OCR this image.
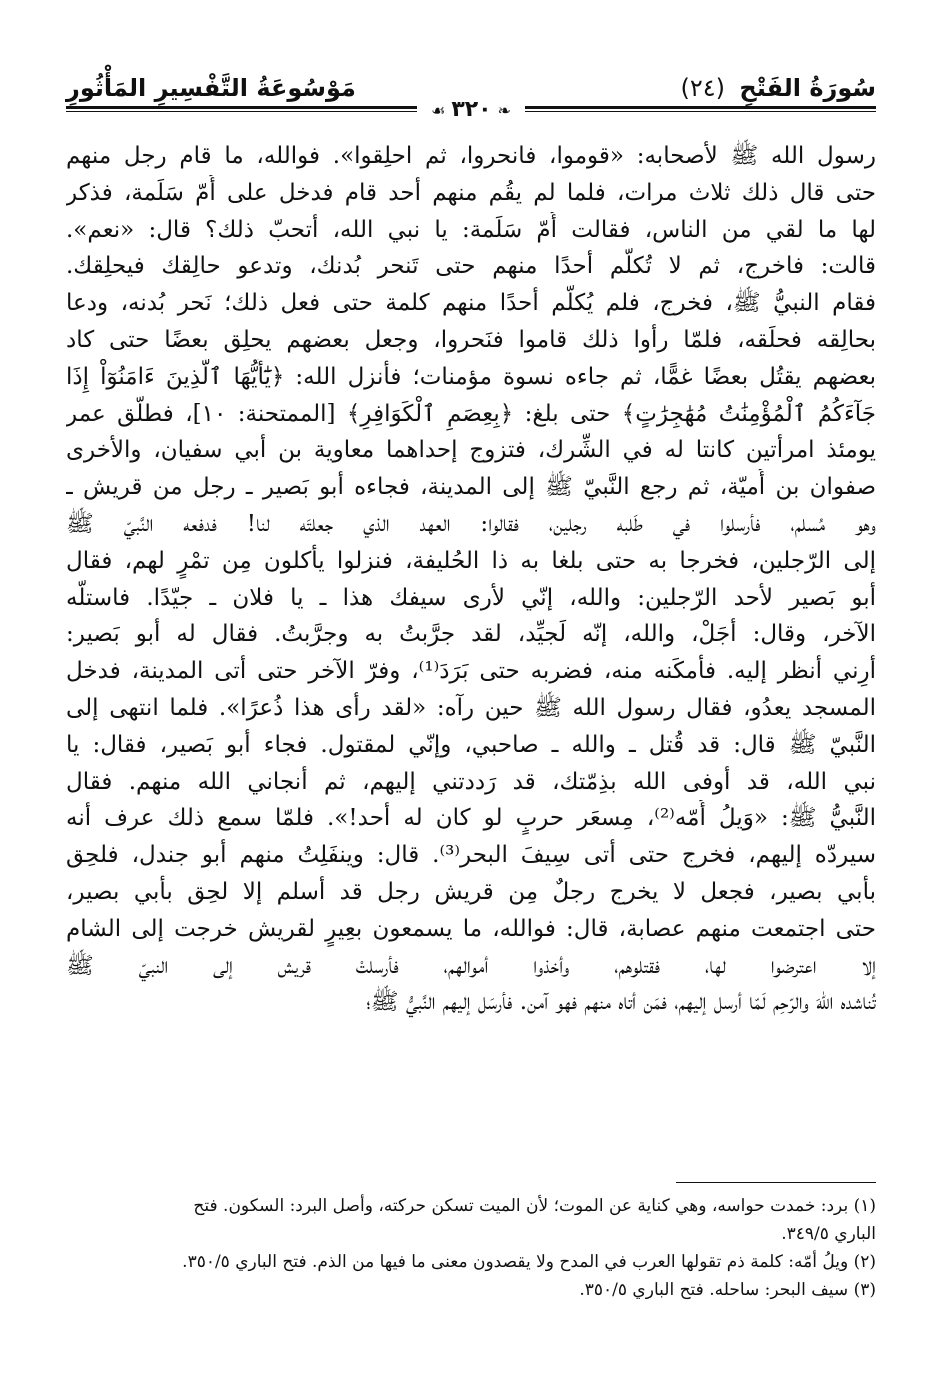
سُورَةُ الفَتْحِ (٢٤)
مَوْسُوعَةُ التَّفْسِيرِ المَأْثُورِ
❧٣٢٠☙
رسول الله ﷺ لأصحابه: «قوموا، فانحروا، ثم احلِقوا». فوالله، ما قام رجل منهم
حتى قال ذلك ثلاث مرات، فلما لم يقُم منهم أحد قام فدخل على أُمّ سَلَمة، فذكر
لها ما لقي من الناس، فقالت أُمّ سَلَمة: يا نبي الله، أتحبّ ذلك؟ قال: «نعم».
قالت: فاخرج، ثم لا تُكلّم أحدًا منهم حتى تَنحر بُدنك، وتدعو حالِقك فيحلِقك.
فقام النبيُّ ﷺ، فخرج، فلم يُكلّم أحدًا منهم كلمة حتى فعل ذلك؛ نَحر بُدنه، ودعا
بحالِقه فحلَقه، فلمّا رأوا ذلك قاموا فنَحروا، وجعل بعضهم يحلِق بعضًا حتى كاد
بعضهم يقتُل بعضًا غمًّا، ثم جاءه نسوة مؤمنات؛ فأنزل الله: ﴿يَٰٓأَيُّهَا ٱلَّذِينَ ءَامَنُوٓاْ إِذَا
جَآءَكُمُ ٱلْمُؤْمِنَٰتُ مُهَٰجِرَٰتٍ﴾ حتى بلغ: ﴿بِعِصَمِ ٱلْكَوَافِرِ﴾ [الممتحنة: ١٠]، فطلّق عمر
يومئذ امرأتين كانتا له في الشِّرك، فتزوج إحداهما معاوية بن أبي سفيان، والأخرى
صفوان بن أُميّة، ثم رجع النَّبيّ ﷺ إلى المدينة، فجاءه أبو بَصير ـ رجل من قريش ـ
وهو مُسلم، فأرسلوا في طَلبه رجلين، فقالوا: العهد الذي جعلتَه لنا! فدفعه النَّبيّ ﷺ
إلى الرّجلين، فخرجا به حتى بلغا به ذا الحُليفة، فنزلوا يأكلون مِن تمْرٍ لهم، فقال
أبو بَصير لأحد الرّجلين: والله، إنّي لأرى سيفك هذا ـ يا فلان ـ جيّدًا. فاستلّه
الآخر، وقال: أجَلْ، والله، إنّه لَجيِّد، لقد جرَّبتُ به وجرَّبتُ. فقال له أبو بَصير:
أرِني أنظر إليه. فأمكَنه منه، فضربه حتى بَرَدَ⁽¹⁾، وفرّ الآخر حتى أتى المدينة، فدخل
المسجد يعدُو، فقال رسول الله ﷺ حين رآه: «لقد رأى هذا ذُعرًا». فلما انتهى إلى
النَّبيّ ﷺ قال: قد قُتل ـ والله ـ صاحبي، وإنّي لمقتول. فجاء أبو بَصير، فقال: يا
نبي الله، قد أوفى الله بذِمّتك، قد رَددتني إليهم، ثم أنجاني الله منهم. فقال
النَّبيُّ ﷺ: «وَيلُ أُمّه⁽²⁾، مِسعَر حربٍ لو كان له أحد!». فلمّا سمع ذلك عرف أنه
سيردّه إليهم، فخرج حتى أتى سِيفَ البحر⁽³⁾. قال: وينفَلِتُ منهم أبو جندل، فلحِق
بأبي بصير، فجعل لا يخرج رجلٌ مِن قريش رجل قد أسلم إلا لحِق بأبي بصير،
حتى اجتمعت منهم عصابة، قال: فوالله، ما يسمعون بعِيرٍ لقريش خرجت إلى الشام
إلا اعترضوا لها، فقتلوهم، وأخذوا أموالهم، فأرسلتْ قريش إلى النبيّ ﷺ
تُناشده اللهَ والرّحِم لَمّا أرسل إليهم، فمَن أتاه منهم فهو آمن. فأرسَل إليهم النَّبيُّ ﷺ؛
(١) برد: خمدت حواسه، وهي كناية عن الموت؛ لأن الميت تسكن حركته، وأصل البرد: السكون. فتح
الباري ٣٤٩/٥.
(٢) ويلُ أمّه: كلمة ذم تقولها العرب في المدح ولا يقصدون معنى ما فيها من الذم. فتح الباري ٣٥٠/٥.
(٣) سيف البحر: ساحله. فتح الباري ٣٥٠/٥.
